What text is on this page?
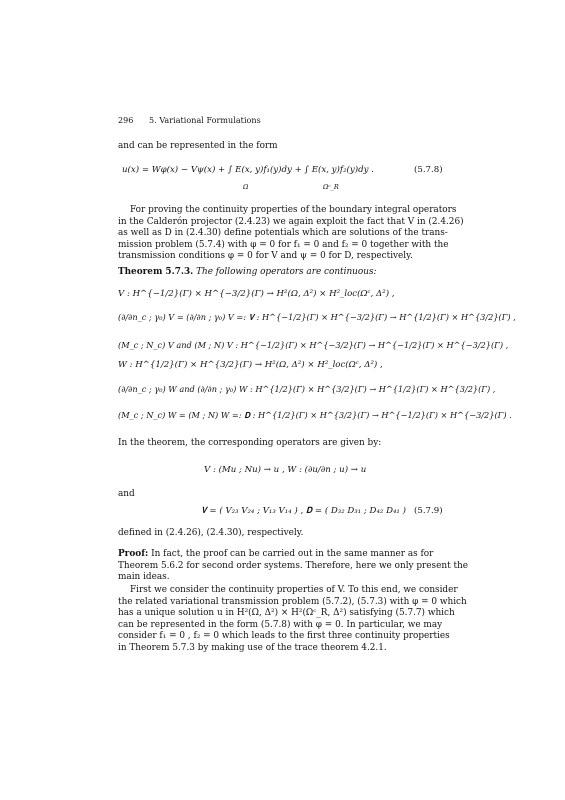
296 5. Variational Formulations
and can be represented in the form
u(x) = Wφ(x) − Vψ(x) + ∫ E(x, y)f₁(y)dy + ∫ E(x, y)f₂(y)dy .
Ω	Ωᶜ_R
(5.7.8)
For proving the continuity properties of the boundary integral operators
in the Calderón projector (2.4.23) we again exploit the fact that V in (2.4.26)
as well as D in (2.4.30) define potentials which are solutions of the trans-
mission problem (5.7.4) with φ = 0 for f₁ = 0 and f₂ = 0 together with the
transmission conditions φ = 0 for V and ψ = 0 for D, respectively.
Theorem 5.7.3. The following operators are continuous:
V : H^{−1/2}(Γ) × H^{−3/2}(Γ) → H²(Ω, Δ²) × H²_loc(Ωᶜ, Δ²) ,
(∂/∂n_c ; γ₀) V = (∂/∂n ; γ₀) V =: 𝐕 : H^{−1/2}(Γ) × H^{−3/2}(Γ) → H^{1/2}(Γ) × H^{3/2}(Γ) ,
(M_c ; N_c) V and (M ; N) V : H^{−1/2}(Γ) × H^{−3/2}(Γ) → H^{−1/2}(Γ) × H^{−3/2}(Γ) ,
W : H^{1/2}(Γ) × H^{3/2}(Γ) → H²(Ω, Δ²) × H²_loc(Ωᶜ, Δ²) ,
(∂/∂n_c ; γ₀) W and (∂/∂n ; γ₀) W : H^{1/2}(Γ) × H^{3/2}(Γ) → H^{1/2}(Γ) × H^{3/2}(Γ) ,
(M_c ; N_c) W = (M ; N) W =: 𝐃 : H^{1/2}(Γ) × H^{3/2}(Γ) → H^{−1/2}(Γ) × H^{−3/2}(Γ) .
In the theorem, the corresponding operators are given by:
V : (Mu ; Nu) → u , W : (∂u/∂n ; u) → u
and
𝐕 = ( V₂₃ V₂₄ ; V₁₃ V₁₄ ) , 𝐃 = ( D₃₂ D₃₁ ; D₄₂ D₄₁ ) (5.7.9)
defined in (2.4.26), (2.4.30), respectively.
Proof: In fact, the proof can be carried out in the same manner as for
Theorem 5.6.2 for second order systems. Therefore, here we only present the
main ideas.
First we consider the continuity properties of V. To this end, we consider
the related variational transmission problem (5.7.2), (5.7.3) with φ = 0 which
has a unique solution u in H²(Ω, Δ²) × H²(Ωᶜ_R, Δ²) satisfying (5.7.7) which
can be represented in the form (5.7.8) with φ = 0. In particular, we may
consider f₁ = 0 , f₂ = 0 which leads to the first three continuity properties
in Theorem 5.7.3 by making use of the trace theorem 4.2.1.
